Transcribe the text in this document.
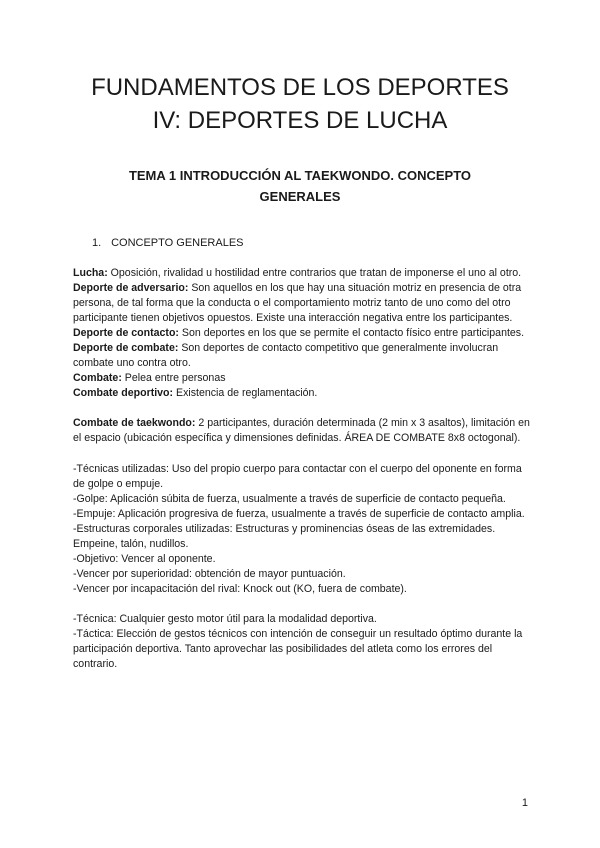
FUNDAMENTOS DE LOS DEPORTES
IV: DEPORTES DE LUCHA
TEMA 1 INTRODUCCIÓN AL TAEKWONDO. CONCEPTO GENERALES
1. CONCEPTO GENERALES

Lucha: Oposición, rivalidad u hostilidad entre contrarios que tratan de imponerse el uno al otro.

Deporte de adversario: Son aquellos en los que hay una situación motriz en presencia de otra persona, de tal forma que la conducta o el comportamiento motriz tanto de uno como del otro participante tienen objetivos opuestos. Existe una interacción negativa entre los participantes.

Deporte de contacto: Son deportes en los que se permite el contacto físico entre participantes.

Deporte de combate: Son deportes de contacto competitivo que generalmente involucran combate uno contra otro.

Combate: Pelea entre personas

Combate deportivo: Existencia de reglamentación.

Combate de taekwondo: 2 participantes, duración determinada (2 min x 3 asaltos), limitación en el espacio (ubicación específica y dimensiones definidas. ÁREA DE COMBATE 8x8 octogonal).

-Técnicas utilizadas: Uso del propio cuerpo para contactar con el cuerpo del oponente en forma de golpe o empuje.

-Golpe: Aplicación súbita de fuerza, usualmente a través de superficie de contacto pequeña.

-Empuje: Aplicación progresiva de fuerza, usualmente a través de superficie de contacto amplia.

-Estructuras corporales utilizadas: Estructuras y prominencias óseas de las extremidades. Empeine, talón, nudillos.

-Objetivo: Vencer al oponente.

-Vencer por superioridad: obtención de mayor puntuación.

-Vencer por incapacitación del rival: Knock out (KO, fuera de combate).

-Técnica: Cualquier gesto motor útil para la modalidad deportiva.

-Táctica: Elección de gestos técnicos con intención de conseguir un resultado óptimo durante la participación deportiva. Tanto aprovechar las posibilidades del atleta como los errores del contrario.

1
